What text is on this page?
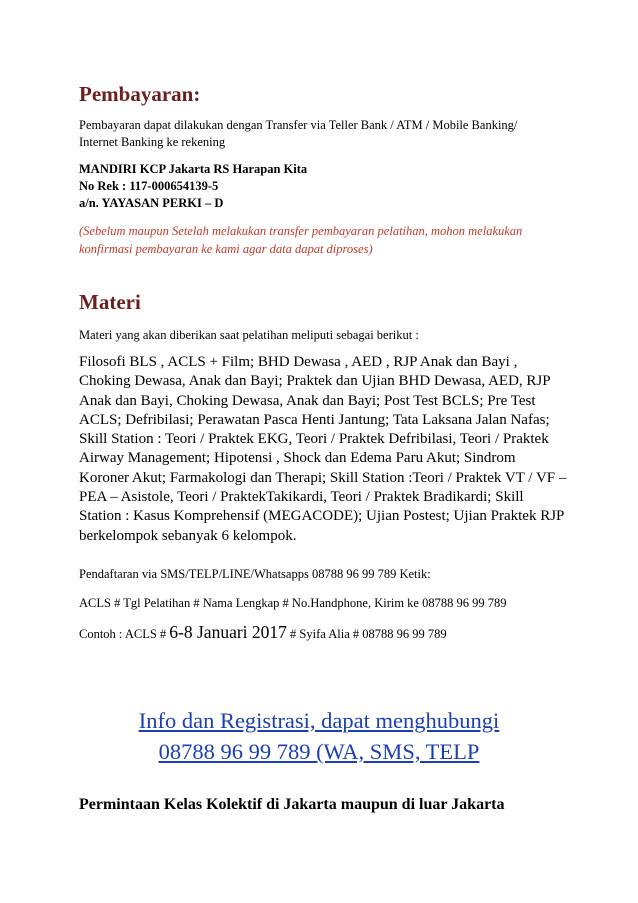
Pembayaran:

Pembayaran dapat dilakukan dengan Transfer via Teller Bank / ATM / Mobile Banking/ Internet Banking ke rekening

MANDIRI KCP Jakarta RS Harapan Kita

No Rek : 117-000654139-5

a/n. YAYASAN PERKI – D

(Sebelum maupun Setelah melakukan transfer pembayaran pelatihan, mohon melakukan konfirmasi pembayaran ke kami agar data dapat diproses)

Materi

Materi yang akan diberikan saat pelatihan meliputi sebagai berikut :

Filosofi BLS , ACLS + Film; BHD Dewasa , AED , RJP Anak dan Bayi , Choking Dewasa, Anak dan Bayi; Praktek dan Ujian BHD Dewasa, AED, RJP Anak dan Bayi, Choking Dewasa, Anak dan Bayi; Post Test BCLS; Pre Test ACLS; Defribilasi; Perawatan Pasca Henti Jantung; Tata Laksana Jalan Nafas; Skill Station : Teori / Praktek EKG, Teori / Praktek Defribilasi, Teori / Praktek Airway Management; Hipotensi , Shock dan Edema Paru Akut; Sindrom Koroner Akut; Farmakologi dan Therapi; Skill Station :Teori / Praktek VT / VF – PEA – Asistole, Teori / PraktekTakikardi, Teori / Praktek Bradikardi; Skill Station : Kasus Komprehensif (MEGACODE); Ujian Postest; Ujian Praktek RJP berkelompok sebanyak 6 kelompok.

Pendaftaran via SMS/TELP/LINE/Whatsapps 08788 96 99 789 Ketik:

ACLS # Tgl Pelatihan # Nama Lengkap # No.Handphone, Kirim ke 08788 96 99 789

Contoh : ACLS # 6-8 Januari 2017 # Syifa Alia # 08788 96 99 789

Info dan Registrasi, dapat menghubungi

08788 96 99 789 (WA, SMS, TELP

Permintaan Kelas Kolektif di Jakarta maupun di luar Jakarta
